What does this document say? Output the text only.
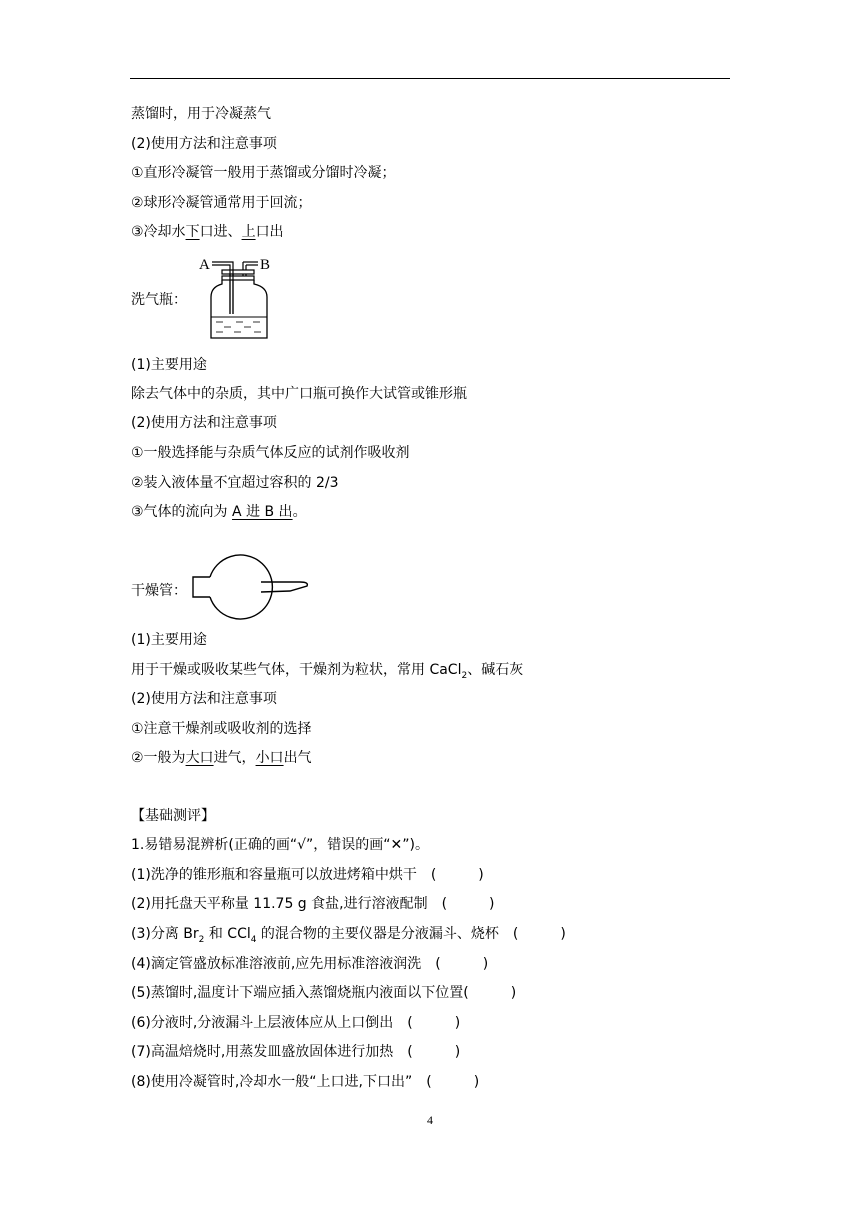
蒸馏时，用于冷凝蒸气
(2)使用方法和注意事项
①直形冷凝管一般用于蒸馏或分馏时冷凝；
②球形冷凝管通常用于回流；
③冷却水下口进、上口出
洗气瓶：
A	B
(1)主要用途
除去气体中的杂质，其中广口瓶可换作大试管或锥形瓶
(2)使用方法和注意事项
①一般选择能与杂质气体反应的试剂作吸收剂
②装入液体量不宜超过容积的 2/3
③气体的流向为 A 进 B 出。
干燥管：
(1)主要用途
用于干燥或吸收某些气体，干燥剂为粒状，常用 CaCl$_2$、碱石灰
(2)使用方法和注意事项
①注意干燥剂或吸收剂的选择
②一般为大口进气，小口出气
【基础测评】
1.易错易混辨析(正确的画“√”，错误的画“✕”)。
(1)洗净的锥形瓶和容量瓶可以放进烤箱中烘干　(　　　)
(2)用托盘天平称量 11.75 g 食盐,进行溶液配制　(　　　)
(3)分离 $Br_2$ 和 CCl$_4$ 的混合物的主要仪器是分液漏斗、烧杯　(　　　)
(4)滴定管盛放标准溶液前,应先用标准溶液润洗　(　　　)
(5)蒸馏时,温度计下端应插入蒸馏烧瓶内液面以下位置(　　　)
(6)分液时,分液漏斗上层液体应从上口倒出　(　　　)
(7)高温焙烧时,用蒸发皿盛放固体进行加热　(　　　)
(8)使用冷凝管时,冷却水一般“上口进,下口出”　(　　　)
4
